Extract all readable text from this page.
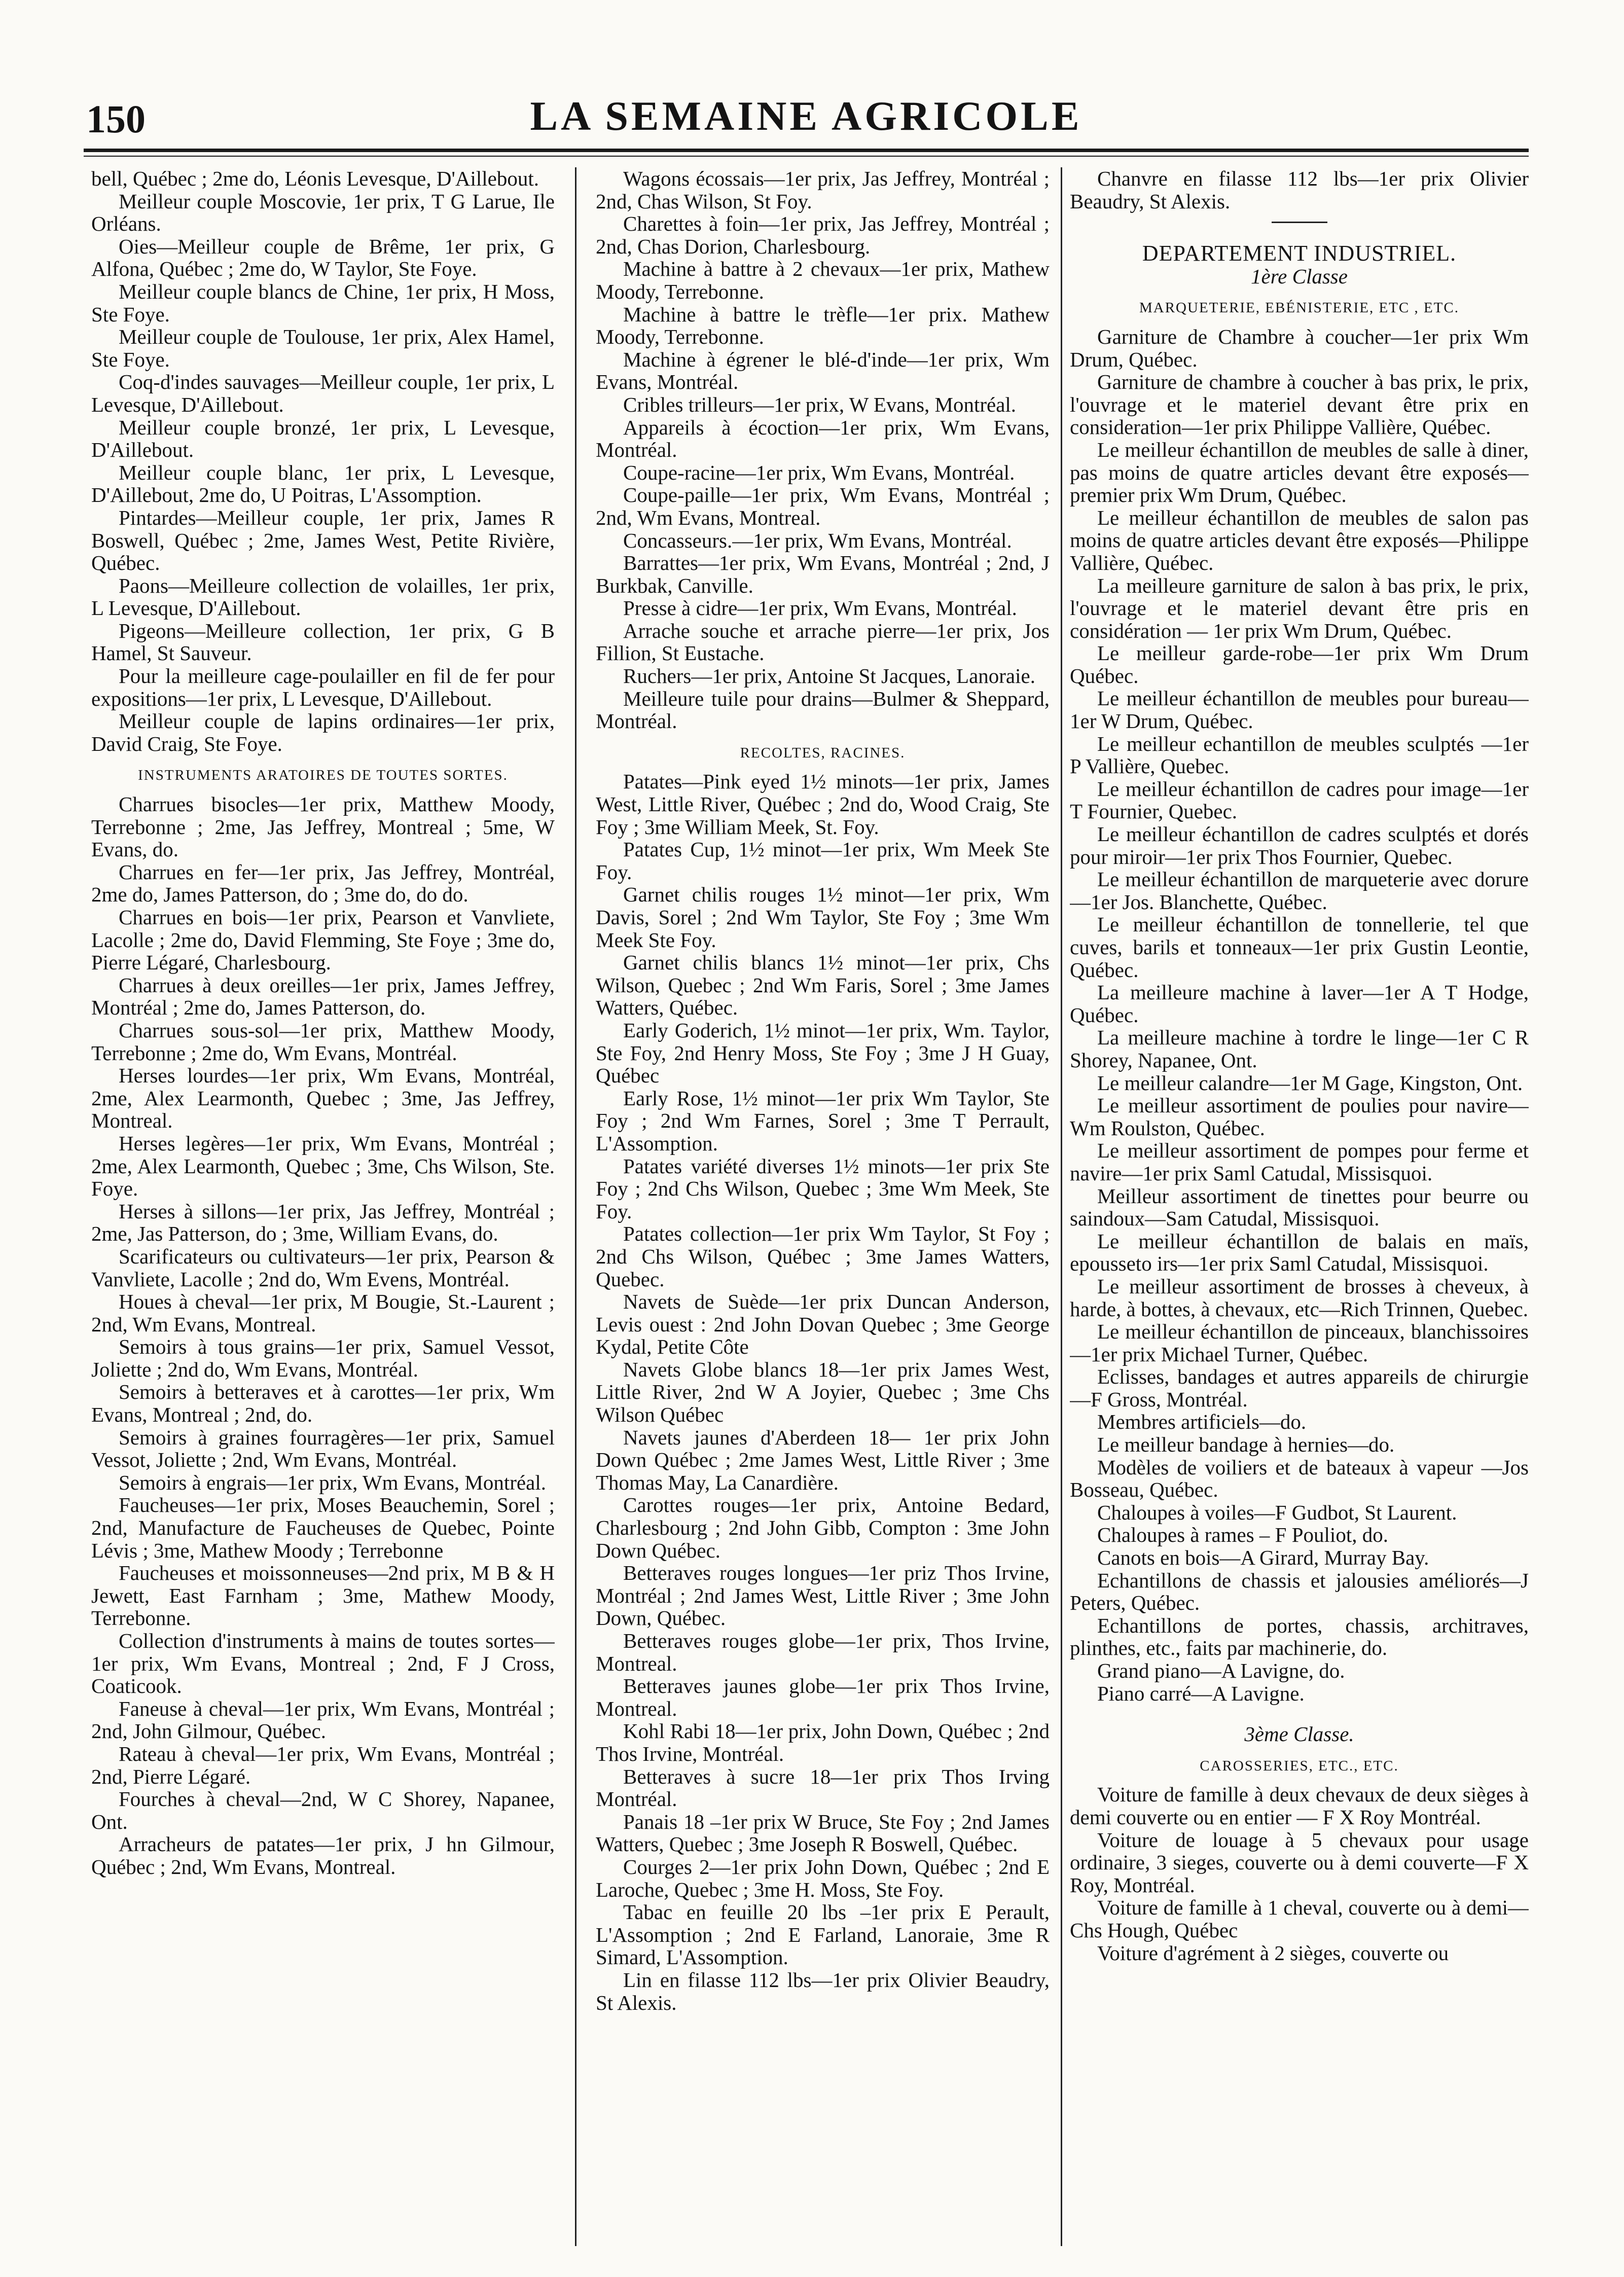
150	LA SEMAINE AGRICOLE

bell, Québec ; 2me do, Léonis Levesque, D'Aillebout.

Meilleur couple Moscovie, 1er prix, T G Larue, Ile Orléans.

Oies—Meilleur couple de Brême, 1er prix, G Alfona, Québec ; 2me do, W Taylor, Ste Foye.

Meilleur couple blancs de Chine, 1er prix, H Moss, Ste Foye.

Meilleur couple de Toulouse, 1er prix, Alex Hamel, Ste Foye.

Coq-d'indes sauvages—Meilleur couple, 1er prix, L Levesque, D'Aillebout.

Meilleur couple bronzé, 1er prix, L Levesque, D'Aillebout.

Meilleur couple blanc, 1er prix, L Levesque, D'Aillebout, 2me do, U Poitras, L'Assomption.

Pintardes—Meilleur couple, 1er prix, James R Boswell, Québec ; 2me, James West, Petite Rivière, Québec.

Paons—Meilleure collection de volailles, 1er prix, L Levesque, D'Aillebout.

Pigeons—Meilleure collection, 1er prix, G B Hamel, St Sauveur.

Pour la meilleure cage-poulailler en fil de fer pour expositions—1er prix, L Levesque, D'Aillebout.

Meilleur couple de lapins ordinaires—1er prix, David Craig, Ste Foye.

INSTRUMENTS ARATOIRES DE TOUTES SORTES.

Charrues bisocles—1er prix, Matthew Moody, Terrebonne ; 2me, Jas Jeffrey, Montreal ; 5me, W Evans, do.

Charrues en fer—1er prix, Jas Jeffrey, Montréal, 2me do, James Patterson, do ; 3me do, do do.

Charrues en bois—1er prix, Pearson et Vanvliete, Lacolle ; 2me do, David Flemming, Ste Foye ; 3me do, Pierre Légaré, Charlesbourg.

Charrues à deux oreilles—1er prix, James Jeffrey, Montréal ; 2me do, James Patterson, do.

Charrues sous-sol—1er prix, Matthew Moody, Terrebonne ; 2me do, Wm Evans, Montréal.

Herses lourdes—1er prix, Wm Evans, Montréal, 2me, Alex Learmonth, Quebec ; 3me, Jas Jeffrey, Montreal.

Herses legères—1er prix, Wm Evans, Montréal ; 2me, Alex Learmonth, Quebec ; 3me, Chs Wilson, Ste. Foye.

Herses à sillons—1er prix, Jas Jeffrey, Montréal ; 2me, Jas Patterson, do ; 3me, William Evans, do.

Scarificateurs ou cultivateurs—1er prix, Pearson & Vanvliete, Lacolle ; 2nd do, Wm Evens, Montréal.

Houes à cheval—1er prix, M Bougie, St.-Laurent ; 2nd, Wm Evans, Montreal.

Semoirs à tous grains—1er prix, Samuel Vessot, Joliette ; 2nd do, Wm Evans, Montréal.

Semoirs à betteraves et à carottes—1er prix, Wm Evans, Montreal ; 2nd, do.

Semoirs à graines fourragères—1er prix, Samuel Vessot, Joliette ; 2nd, Wm Evans, Montréal.

Semoirs à engrais—1er prix, Wm Evans, Montréal.

Faucheuses—1er prix, Moses Beauchemin, Sorel ; 2nd, Manufacture de Faucheuses de Quebec, Pointe Lévis ; 3me, Mathew Moody ; Terrebonne

Faucheuses et moissonneuses—2nd prix, M B & H Jewett, East Farnham ; 3me, Mathew Moody, Terrebonne.

Collection d'instruments à mains de toutes sortes—1er prix, Wm Evans, Montreal ; 2nd, F J Cross, Coaticook.

Faneuse à cheval—1er prix, Wm Evans, Montréal ; 2nd, John Gilmour, Québec.

Rateau à cheval—1er prix, Wm Evans, Montréal ; 2nd, Pierre Légaré.

Fourches à cheval—2nd, W C Shorey, Napanee, Ont.

Arracheurs de patates—1er prix, J hn Gilmour, Québec ; 2nd, Wm Evans, Montreal.

Wagons écossais—1er prix, Jas Jeffrey, Montréal ; 2nd, Chas Wilson, St Foy.

Charettes à foin—1er prix, Jas Jeffrey, Montréal ; 2nd, Chas Dorion, Charlesbourg.

Machine à battre à 2 chevaux—1er prix, Mathew Moody, Terrebonne.

Machine à battre le trèfle—1er prix. Mathew Moody, Terrebonne.

Machine à égrener le blé-d'inde—1er prix, Wm Evans, Montréal.

Cribles trilleurs—1er prix, W Evans, Montréal.

Appareils à écoction—1er prix, Wm Evans, Montréal.

Coupe-racine—1er prix, Wm Evans, Montréal.

Coupe-paille—1er prix, Wm Evans, Montréal ; 2nd, Wm Evans, Montreal.

Concasseurs.—1er prix, Wm Evans, Montréal.

Barrattes—1er prix, Wm Evans, Montréal ; 2nd, J Burkbak, Canville.

Presse à cidre—1er prix, Wm Evans, Montréal.

Arrache souche et arrache pierre—1er prix, Jos Fillion, St Eustache.

Ruchers—1er prix, Antoine St Jacques, Lanoraie.

Meilleure tuile pour drains—Bulmer & Sheppard, Montréal.

RECOLTES, RACINES.

Patates—Pink eyed 1½ minots—1er prix, James West, Little River, Québec ; 2nd do, Wood Craig, Ste Foy ; 3me William Meek, St. Foy.

Patates Cup, 1½ minot—1er prix, Wm Meek Ste Foy.

Garnet chilis rouges 1½ minot—1er prix, Wm Davis, Sorel ; 2nd Wm Taylor, Ste Foy ; 3me Wm Meek Ste Foy.

Garnet chilis blancs 1½ minot—1er prix, Chs Wilson, Quebec ; 2nd Wm Faris, Sorel ; 3me James Watters, Québec.

Early Goderich, 1½ minot—1er prix, Wm. Taylor, Ste Foy, 2nd Henry Moss, Ste Foy ; 3me J H Guay, Québec

Early Rose, 1½ minot—1er prix Wm Taylor, Ste Foy ; 2nd Wm Farnes, Sorel ; 3me T Perrault, L'Assomption.

Patates variété diverses 1½ minots—1er prix Ste Foy ; 2nd Chs Wilson, Quebec ; 3me Wm Meek, Ste Foy.

Patates collection—1er prix Wm Taylor, St Foy ; 2nd Chs Wilson, Québec ; 3me James Watters, Quebec.

Navets de Suède—1er prix Duncan Anderson, Levis ouest : 2nd John Dovan Quebec ; 3me George Kydal, Petite Côte

Navets Globe blancs 18—1er prix James West, Little River, 2nd W A Joyier, Quebec ; 3me Chs Wilson Québec

Navets jaunes d'Aberdeen 18— 1er prix John Down Québec ; 2me James West, Little River ; 3me Thomas May, La Canardière.

Carottes rouges—1er prix, Antoine Bedard, Charlesbourg ; 2nd John Gibb, Compton : 3me John Down Québec.

Betteraves rouges longues—1er priz Thos Irvine, Montréal ; 2nd James West, Little River ; 3me John Down, Québec.

Betteraves rouges globe—1er prix, Thos Irvine, Montreal.

Betteraves jaunes globe—1er prix Thos Irvine, Montreal.

Kohl Rabi 18—1er prix, John Down, Québec ; 2nd Thos Irvine, Montréal.

Betteraves à sucre 18—1er prix Thos Irving Montréal.

Panais 18 –1er prix W Bruce, Ste Foy ; 2nd James Watters, Quebec ; 3me Joseph R Boswell, Québec.

Courges 2—1er prix John Down, Québec ; 2nd E Laroche, Quebec ; 3me H. Moss, Ste Foy.

Tabac en feuille 20 lbs –1er prix E Perault, L'Assomption ; 2nd E Farland, Lanoraie, 3me R Simard, L'Assomption.

Lin en filasse 112 lbs—1er prix Olivier Beaudry, St Alexis.

Chanvre en filasse 112 lbs—1er prix Olivier Beaudry, St Alexis.

DEPARTEMENT INDUSTRIEL.
1ère Classe
MARQUETERIE, EBÉNISTERIE, ETC , ETC.

Garniture de Chambre à coucher—1er prix Wm Drum, Québec.

Garniture de chambre à coucher à bas prix, le prix, l'ouvrage et le materiel devant être prix en consideration—1er prix Philippe Vallière, Québec.

Le meilleur échantillon de meubles de salle à diner, pas moins de quatre articles devant être exposés—premier prix Wm Drum, Québec.

Le meilleur échantillon de meubles de salon pas moins de quatre articles devant être exposés—Philippe Vallière, Québec.

La meilleure garniture de salon à bas prix, le prix, l'ouvrage et le materiel devant être pris en considération — 1er prix Wm Drum, Québec.

Le meilleur garde-robe—1er prix Wm Drum Québec.

Le meilleur échantillon de meubles pour bureau—1er W Drum, Québec.

Le meilleur echantillon de meubles sculptés —1er P Vallière, Quebec.

Le meilleur échantillon de cadres pour image—1er T Fournier, Quebec.

Le meilleur échantillon de cadres sculptés et dorés pour miroir—1er prix Thos Fournier, Quebec.

Le meilleur échantillon de marqueterie avec dorure—1er Jos. Blanchette, Québec.

Le meilleur échantillon de tonnellerie, tel que cuves, barils et tonneaux—1er prix Gustin Leontie, Québec.

La meilleure machine à laver—1er A T Hodge, Québec.

La meilleure machine à tordre le linge—1er C R Shorey, Napanee, Ont.

Le meilleur calandre—1er M Gage, Kingston, Ont.

Le meilleur assortiment de poulies pour navire—Wm Roulston, Québec.

Le meilleur assortiment de pompes pour ferme et navire—1er prix Saml Catudal, Missisquoi.

Meilleur assortiment de tinettes pour beurre ou saindoux—Sam Catudal, Missisquoi.

Le meilleur échantillon de balais en maïs, epousseto irs—1er prix Saml Catudal, Missisquoi.

Le meilleur assortiment de brosses à cheveux, à harde, à bottes, à chevaux, etc—Rich Trinnen, Quebec.

Le meilleur échantillon de pinceaux, blanchissoires—1er prix Michael Turner, Québec.

Eclisses, bandages et autres appareils de chirurgie—F Gross, Montréal.

Membres artificiels—do.

Le meilleur bandage à hernies—do.

Modèles de voiliers et de bateaux à vapeur —Jos Bosseau, Québec.

Chaloupes à voiles—F Gudbot, St Laurent.

Chaloupes à rames – F Pouliot, do.

Canots en bois—A Girard, Murray Bay.

Echantillons de chassis et jalousies améliorés—J Peters, Québec.

Echantillons de portes, chassis, architraves, plinthes, etc., faits par machinerie, do.

Grand piano—A Lavigne, do.

Piano carré—A Lavigne.

3ème Classe.
CAROSSERIES, ETC., ETC.

Voiture de famille à deux chevaux de deux sièges à demi couverte ou en entier — F X Roy Montréal.

Voiture de louage à 5 chevaux pour usage ordinaire, 3 sieges, couverte ou à demi couverte—F X Roy, Montréal.

Voiture de famille à 1 cheval, couverte ou à demi—Chs Hough, Québec

Voiture d'agrément à 2 sièges, couverte ou
